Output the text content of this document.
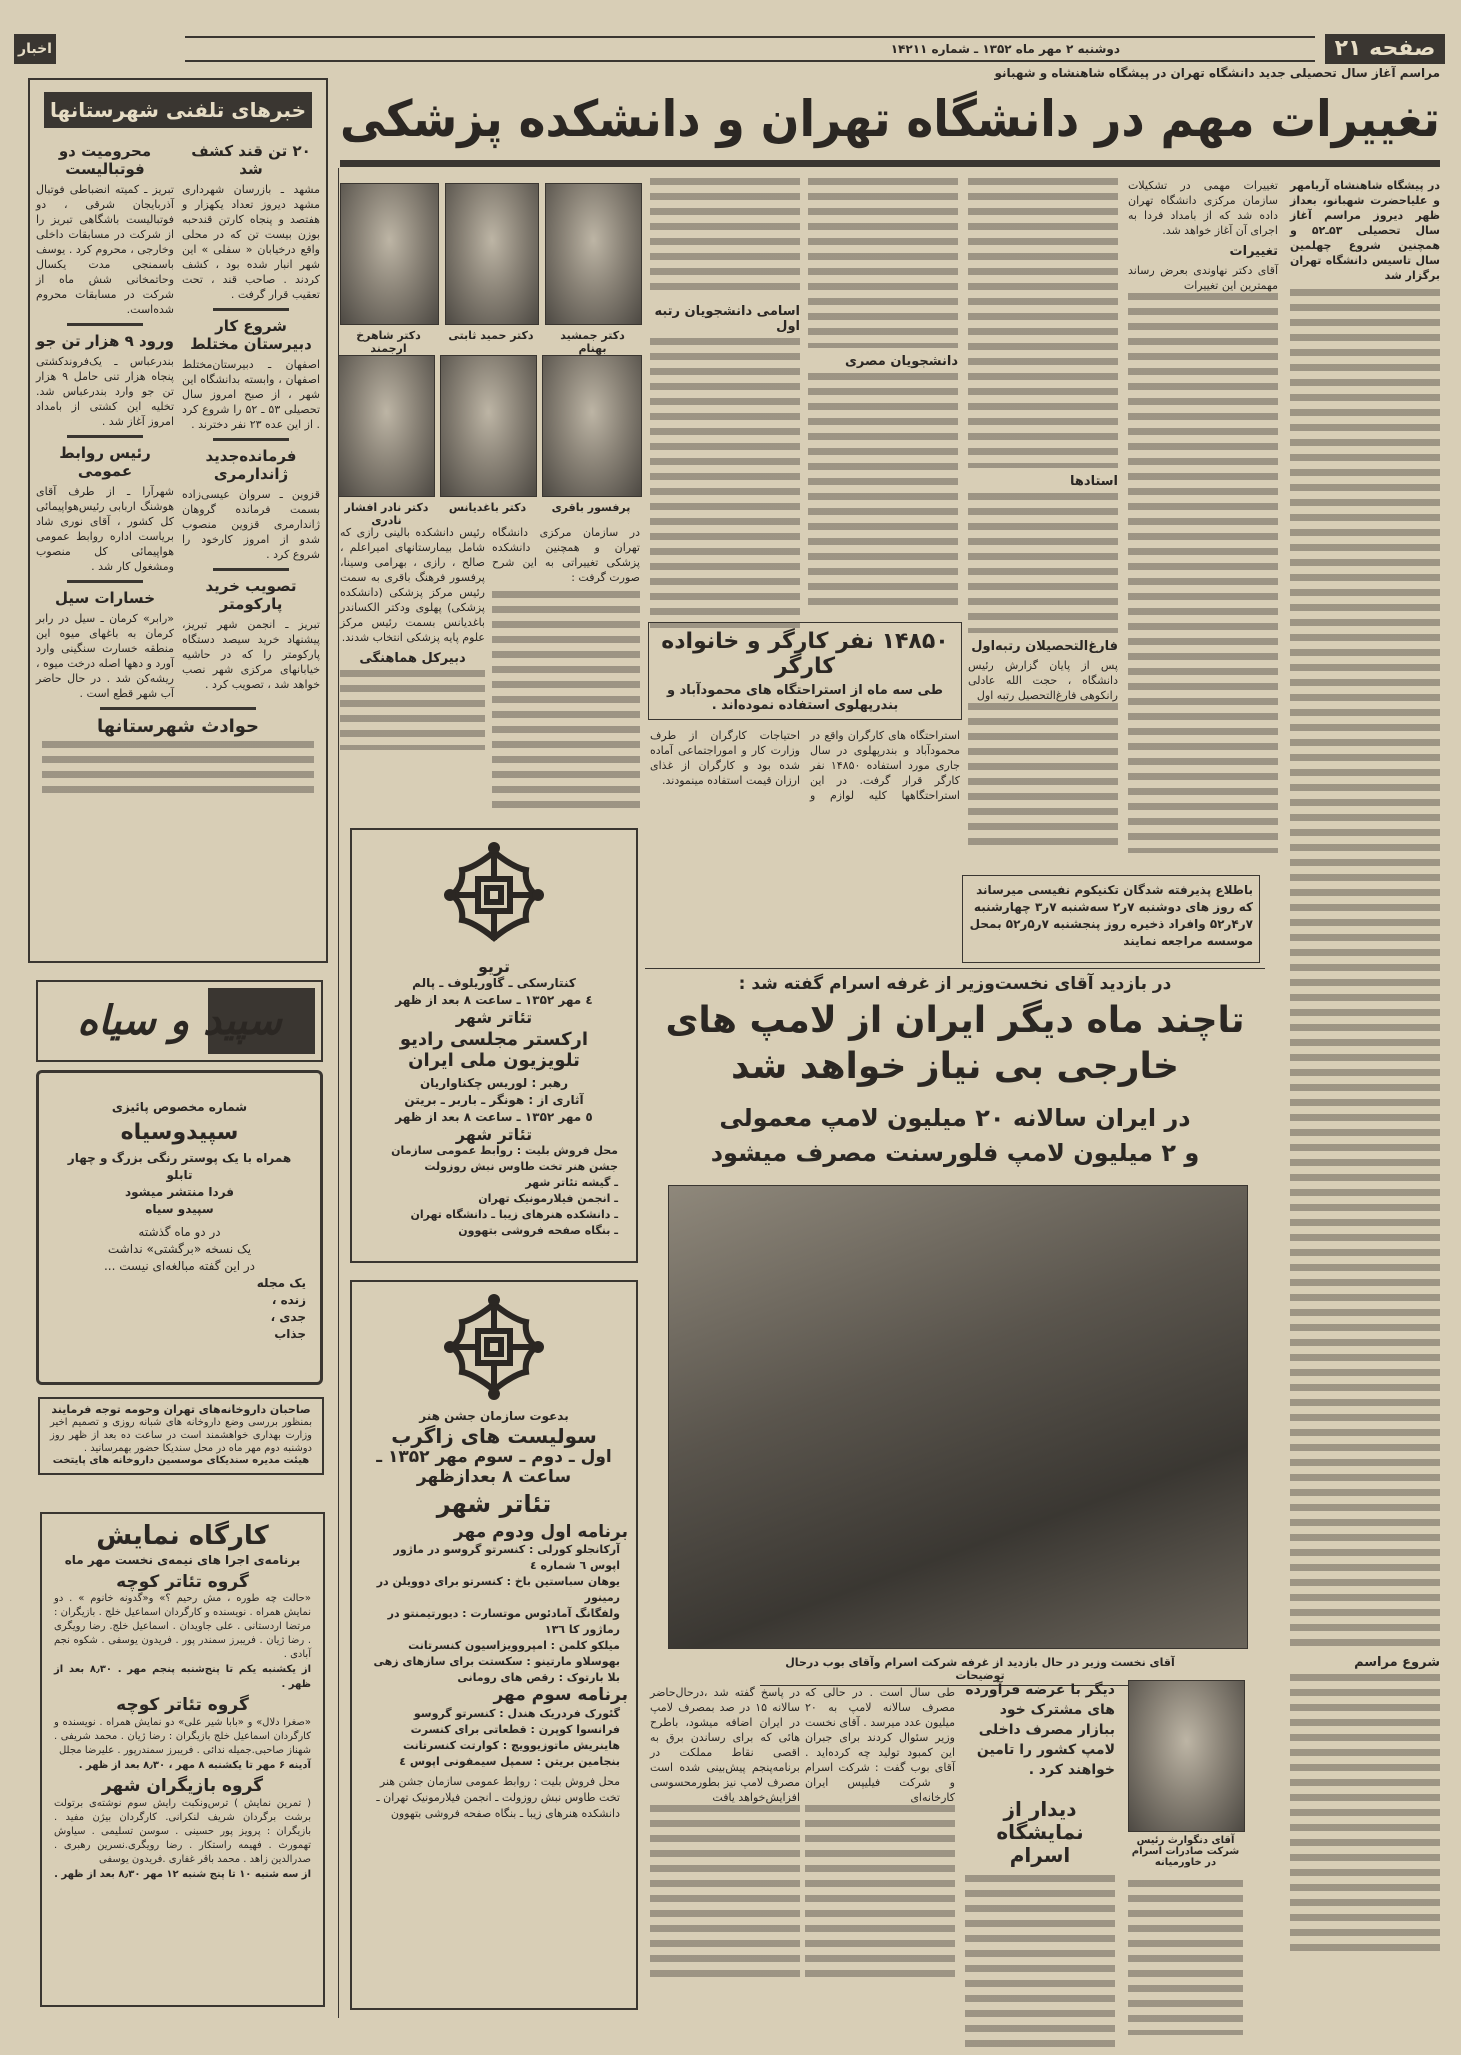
صفحه ۲۱
اخبار	دوشنبه ۲ مهر ماه ۱۳۵۲ ـ شماره ۱۴۲۱۱
مراسم آغاز سال تحصیلی جدید دانشگاه تهران در پیشگاه شاهنشاه و شهبانو
تغییرات مهم در دانشگاه تهران و دانشکده پزشکی
خبرهای تلفنی شهرستانها
۲۰ تن قند کشف شد
مشهد ـ بازرسان شهرداری مشهد دیروز تعداد یکهزار و هفتصد و پنجاه کارتن قندحبه بوزن بیست تن که در محلی واقع درخیابان « سفلی » این شهر انبار شده بود ، کشف کردند . صاحب قند ، تحت تعقیب قرار گرفت .
شروع کار دبیرستان مختلط
اصفهان ـ دبیرستان‌مختلط اصفهان ، وابسته بدانشگاه این شهر ، از صبح امروز سال تحصیلی ۵۳ ـ ۵۲ را شروع کرد . از این عده ۲۳ نفر دخترند .
فرمانده‌جدید ژاندارمری
قزوین ـ سروان عیسی‌زاده بسمت فرمانده گروهان ژاندارمری قزوین منصوب شدو از امروز کارخود را شروع کرد .
تصویب خرید پارکومتر
تبریز ـ انجمن شهر تبریز، پیشنهاد خرید سیصد دستگاه پارکومتر را که در حاشیه خیابانهای مرکزی شهر نصب خواهد شد ، تصویب کرد .
محرومیت دو فوتبالیست
تبریز ـ کمیته انضباطی فوتبال آذربایجان شرقی ، دو فوتبالیست باشگاهی تبریز را از شرکت در مسابقات داخلی وخارجی ، محروم کرد . یوسف باسمنجی مدت یکسال وحاتمخانی شش ماه از شرکت در مسابقات محروم شده‌است.
ورود ۹ هزار تن جو
بندرعباس ـ یک‌فروند‌کشتی پنجاه هزار تنی حامل ۹ هزار تن جو وارد بندرعباس شد. تخلیه این کشتی از بامداد امروز آغاز شد .
رئیس روابط عمومی
شهرآرا ـ از طرف آقای هوشنگ اربابی رئیس‌هواپیمائی کل کشور ، آقای نوری شاد بریاست اداره روابط عمومی هواپیمائی کل منصوب ومشغول کار شد .
خسارات سیل
«رابر» کرمان ـ سیل در رابر کرمان به باغهای میوه این منطقه خسارت سنگینی وارد آورد و دهها اصله درخت میوه ، ریشه‌کن شد . در حال حاضر آب شهر قطع است .
حوادث شهرستانها
سپید و سیاه
شماره مخصوص پائیزی
سپیدوسیاه
همراه با یک پوستر رنگی بزرگ و چهار تابلو
فردا منتشر میشود
سپیدو سیاه
در دو ماه گذشته
یک نسخه «برگشتی» نداشت
در این گفته مبالغه‌ای نیست ...
یک مجله
زنده ،
جدی ،
جذاب
صاحبان داروخانه‌های تهران وحومه توجه فرمایند
بمنظور بررسی وضع داروخانه های شبانه روزی و تصمیم اخیر وزارت بهداری خواهشمند است در ساعت ده بعد از ظهر روز دوشنبه دوم مهر ماه در محل سندیکا حضور بهمرسانید .
هیئت مدیره سندیکای موسسین داروخانه های پایتخت
کارگاه نمایش
برنامه‌ی اجرا های نیمه‌ی نخست مهر ماه
گروه تئاتر کوچه
«حالت چه طوره ، مش رحیم ؟» و«گدونه خانوم » . دو نمایش همراه . نویسنده و کارگردان اسماعیل خلج . بازیگران : مرتضا اردستانی . علی جاویدان . اسماعیل خلج. رضا رویگری . رضا ژیان . فریبرز سمندر پور . فریدون یوسفی . شکوه نجم آبادی .
از یکشنبه یکم تا پنج‌شنبه پنجم مهر . ۸٫۳۰ بعد از ظهر .
گروه تئاتر کوچه
«صغرا دلال» و «بابا شیر علی» دو نمایش همراه . نویسنده و کارگردان اسماعیل خلج بازیگران : رضا ژیان . محمد شریفی . شهناز صاحبی.جمیله ندائی . فریبرز سمندرپور . علیرضا مجلل
آدینه ۶ مهر تا یکشنبه ۸ مهر ، ۸٫۳۰ بعد از ظهر .
گروه بازیگران شهر
( تمرین نمایش ) ترس‌ونکبت رایش سوم نوشته‌ی برتولت برشت برگردان شریف لنکرانی. کارگردان بیژن مفید . بازیگران : پرویز پور حسینی . سوسن تسلیمی . سیاوش تهمورث . فهیمه راستکار . رضا رویگری.نسرین رهبری . صدرالدین زاهد . محمد باقر غفاری .فریدون یوسفی
از سه شنبه ۱۰ تا پنج شنبه ۱۲ مهر ۸٫۳۰ بعد از ظهر .
دکتر جمشید بهنام
دکتر حمید ثابتی
دکتر شاهرخ ارجمند
پرفسور باقری
دکتر باغدیانس
دکتر نادر افشار نادری
در سازمان مرکزی دانشگاه تهران و همچنین دانشکده پزشکی تغییراتی به این شرح صورت گرفت :
رئیس دانشکده بالینی رازی که شامل بیمارستانهای امیراعلم ، صالح ، رازی ، بهرامی وسینا، پرفسور فرهنگ باقری به سمت رئیس مرکز پزشکی (دانشکده پزشکی) پهلوی ودکتر الکساندر باغدیانس بسمت رئیس مرکز علوم پایه پزشکی انتخاب شدند.
دبیرکل هماهنگی
تریو
کنتارسکی ـ گاوریلوف ـ پالم
٤ مهر ۱۳۵۲ ـ ساعت ۸ بعد از ظهر
تئاتر شهر
ارکستر مجلسی رادیو تلویزیون ملی ایران
رهبر : لوریس چکناواریان
آثاری از : هونگر ـ باربر ـ بریتن
٥ مهر ۱۳۵۲ ـ ساعت ۸ بعد از ظهر
تئاتر شهر
محل فروش بلیت : روابط عمومی سازمان جشن هنر تخت طاوس نبش روزولت
ـ گیشه تئاتر شهر
ـ انجمن فیلارمونیک تهران
ـ دانشکده هنرهای زیبا ـ دانشگاه تهران
ـ بنگاه صفحه فروشی بتهوون
بدعوت سازمان جشن هنر
سولیست های زاگرب
اول ـ دوم ـ سوم مهر ۱۳۵۲ ـ ساعت ۸ بعدازظهر
تئاتر شهر
برنامه اول ودوم مهر
آرکانجلو کورلی : کنسرتو گروسو در ماژور اپوس ٦ شماره ٤
یوهان سباستین باخ : کنسرتو برای دوویلن در رمینور
ولفگانگ آمادئوس موتسارت : دیورتیمنتو در رماژور کا ۱۳٦
میلکو کلمن : امپروویزاسیون کنسرتانت
بهوسلاو مارتینو : سکستت برای سازهای زهی
بلا بارتوک : رقص های رومانی
برنامه سوم مهر
گئورک فردریک هندل : کنسرتو گروسو
فرانسوا کوپرن : قطعاتی برای کنسرت
هاینریش ماتوزیوویچ : کوارتت کنسرتانت
بنجامین بریتن : سمپل سیمفونی اپوس ٤
محل فروش بلیت : روابط عمومی سازمان جشن هنر تخت طاوس نبش روزولت ـ انجمن فیلارمونیک تهران ـ دانشکده هنرهای زیبا ـ بنگاه صفحه فروشی بتهوون
در پیشگاه شاهنشاه آریامهر و علیاحضرت شهبانو، بعداز ظهر دیروز مراسم آغاز سال تحصیلی ۵۳ـ۵۲ و همچنین شروع چهلمین سال تاسیس دانشگاه تهران برگزار شد
شروع مراسم
تغییرات مهمی در تشکیلات سازمان مرکزی دانشگاه تهران داده شد که از بامداد فردا به اجرای آن آغاز خواهد شد.
تغییرات
آقای دکتر نهاوندی بعرض رساند مهمترین این تغییرات
استادها
فارغ‌التحصیلان رتبه‌اول
پس از پایان گزارش رئیس دانشگاه ، حجت الله عادلی رانکوهی فارغ‌التحصیل رتبه اول
دانشجویان مصری
اسامی دانشجویان رتبه اول
۱۴۸۵۰ نفر کارگر و خانواده کارگر
طی سه ماه از استراحتگاه های محمودآباد و بندرپهلوی استفاده نموده‌اند .
استراحتگاه های کارگران واقع در محمودآباد و بندرپهلوی در سال جاری مورد استفاده ۱۴۸۵۰ نفر کارگر قرار گرفت. در این استراحتگاهها کلیه لوازم و احتیاجات کارگران از طرف وزارت کار و اموراجتماعی آماده شده بود و کارگران از غذای ارزان قیمت استفاده مینمودند.
باطلاع پذیرفته شدگان تکنیکوم نفیسی میرساند که روز های دوشنبه ۷ر۲ سه‌شنبه ۷ر۳ چهارشنبه ۷ر۴ر۵۲ وافراد ذخیره روز پنجشنبه ۷ر۵ر۵۲ بمحل موسسه مراجعه نمایند
در بازدید آقای نخست‌وزیر از غرفه اسرام گفته شد :
تاچند ماه دیگر ایران از لامپ های
خارجی بی نیاز خواهد شد
در ایران سالانه ۲۰ میلیون لامپ معمولی
و ۲ میلیون لامپ فلورسنت مصرف میشود
آقای نخست وزیر در حال بازدید از غرفه شرکت اسرام وآقای بوب درحال توضیحات
در پاسخ گفته شد ،درحال‌حاضر سالانه ۱۵ در صد بمصرف لامپ در ایران اضافه میشود، باطرح هائی که برای رساندن برق به اقصی نقاط مملکت در برنامه‌پنجم پیش‌بینی شده است مصرف لامپ نیز بطورمحسوسی افزایش‌خواهد یافت
طی سال است . در حالی که مصرف سالانه لامپ به ۲۰ میلیون عدد میرسد . آقای نخست وزیر سئوال کردند برای جبران این کمبود تولید چه کرده‌اید . آقای بوب گفت : شرکت اسرام و شرکت فیلیپس ایران کارخانه‌ای
دیگر با عرضه فرآورده های مشترک خود ببازار مصرف داخلی لامپ کشور را تامین خواهند کرد .
دیدار از نمایشگاه اسرام
آقای دنگوارث رئیس شرکت صادرات اسرام در خاورمیانه
